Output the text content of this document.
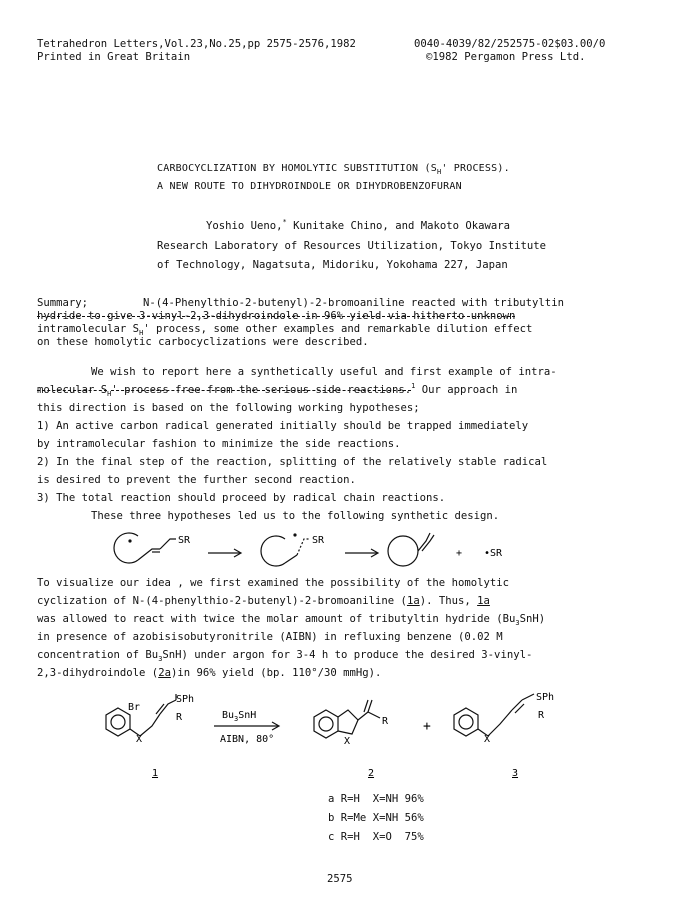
Tetrahedron Letters,Vol.23,No.25,pp 2575-2576,1982
Printed in Great Britain
0040-4039/82/252575-02$03.00/0
©1982 Pergamon Press Ltd.
CARBOCYCLIZATION BY HOMOLYTIC SUBSTITUTION ($S_H'$ PROCESS).
A NEW ROUTE TO DIHYDROINDOLE OR DIHYDROBENZOFURAN
Yoshio Ueno,* Kunitake Chino, and Makoto Okawara
Research Laboratory of Resources Utilization, Tokyo Institute
of Technology, Nagatsuta, Midoriku, Yokohama 227, Japan
Summary;	N-(4-Phenylthio-2-butenyl)-2-bromoaniline reacted with tributyltin
hydride to give 3-vinyl-2,3-dihydroindole in 96% yield via hitherto unknown
intramolecular $S_H'$ process, some other examples and remarkable dilution effect
on these homolytic carbocyclizations were described.
We wish to report here a synthetically useful and first example of intra-
molecular $S_H'$ process free from the serious side reactions.$^1$ Our approach in
this direction is based on the following working hypotheses;
1) An active carbon radical generated initially should be trapped immediately
by intramolecular fashion to minimize the side reactions.
2) In the final step of the reaction, splitting of the relatively stable radical
is desired to prevent the further second reaction.
3) The total reaction should proceed by radical chain reactions.
These three hypotheses led us to the following synthetic design.
SR	SR
+ •SR
To visualize our idea , we first examined the possibility of the homolytic
cyclization of N-(4-phenylthio-2-butenyl)-2-bromoaniline (1a). Thus, 1a
was allowed to react with twice the molar amount of tributyltin hydride $(Bu_3SnH)$
in presence of azobisisobutyronitrile (AIBN) in refluxing benzene (0.02 M
concentration of $Bu_3SnH$) under argon for 3-4 h to produce the desired 3-vinyl-
2,3-dihydroindole (2a)in 96% yield (bp. 110°/30 mmHg).
SPh
Br
R
X
$Bu_3SnH$
AIBN, 80°
R
X
+
SPh
R
X
1	2	3
a R=H X=NH 96%
b R=Me X=NH 56%
c R=H X=O 75%
2575
